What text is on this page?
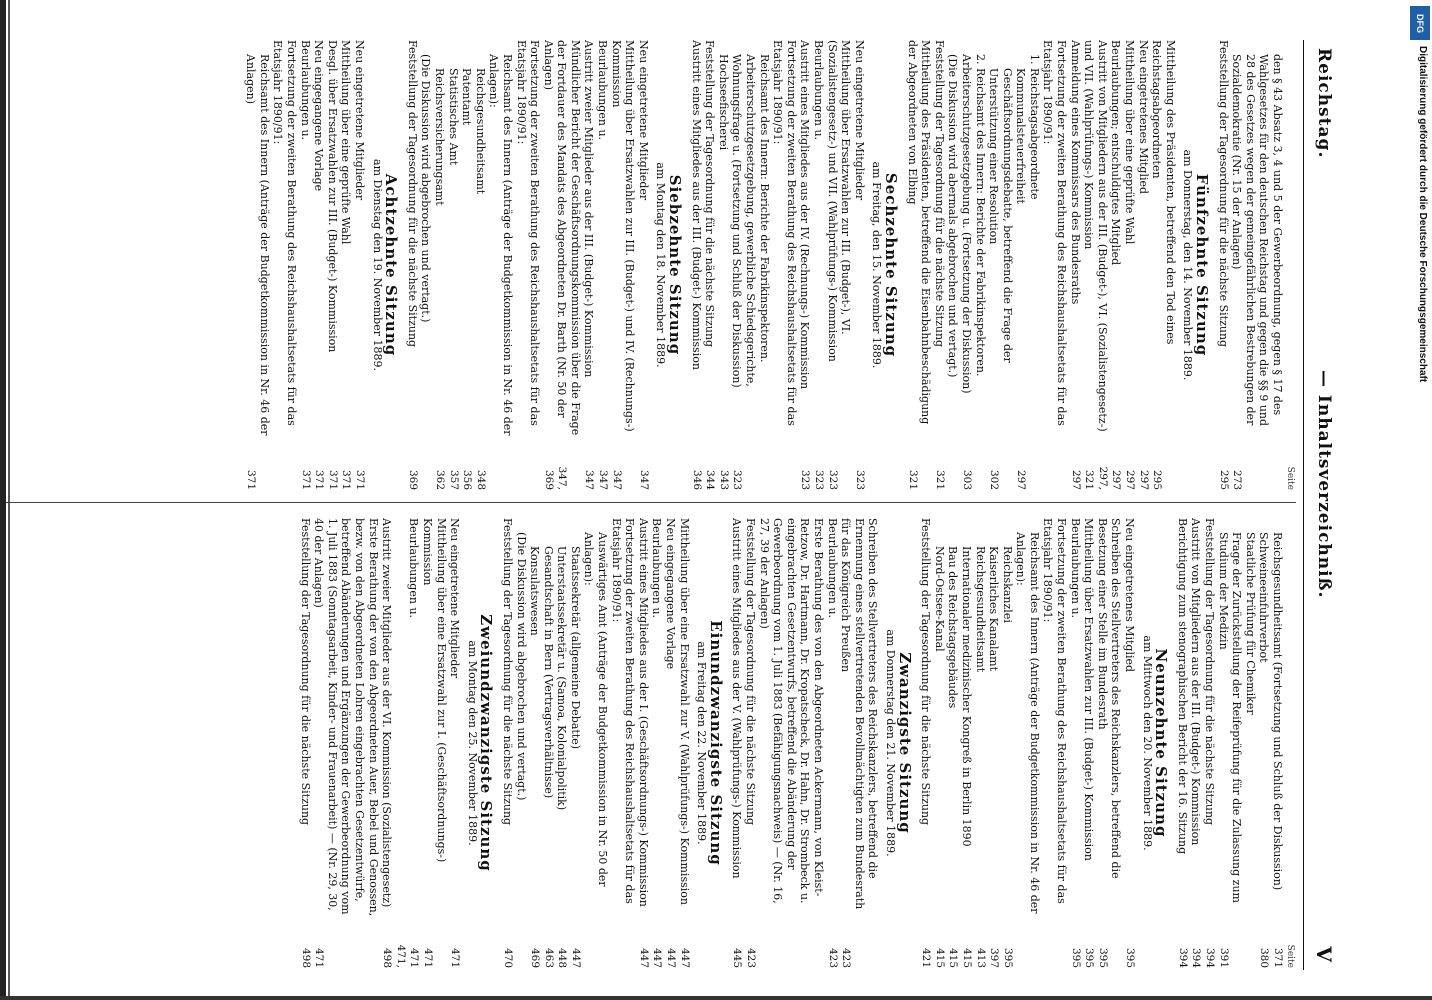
Reichstag.
— Inhaltsverzeichniß.
V
Seite
den § 43 Absatz 3, 4 und 5 der Gewerbeordnung, gegen § 17 des Wahlgesetzes für den deutschen Reichstag und gegen die §§ 9 und 28 des Gesetzes wegen der gemeingefährlichen Bestrebungen der Sozialdemokratie (Nr. 15 der Anlagen)
273
Feststellung der Tagesordnung für die nächste Sitzung
295
Fünfzehnte Sitzung
am Donnerstag, den 14. November 1889.
Mittheilung des Präsidenten, betreffend den Tod eines Reichstagsabgeordneten
295
Neu eingetretenes Mitglied
297
Mittheilung über eine geprüfte Wahl
297
Beurlaubungen; entschuldigtes Mitglied
297
Austritt von Mitgliedern aus der III. (Budget-), VI. (Sozialistengesetz-) und VII. (Wahlprüfungs-) Kommission
297, 321
Anmeldung eines Kommissars des Bundesraths
297
Fortsetzung der zweiten Berathung des Reichshaushaltsetats für das Etatsjahr 1890/91:
1. Reichstagsabgeordnete
Kommunalsteuerfreiheit
297
Geschäftsordnungsdebatte, betreffend die Frage der Unterstützung einer Resolution
302
2. Reichsamt des Innern: Berichte der Fabrikinspektoren. Arbeiterschutzgesetzgebung u. (Fortsetzung der Diskussion)
303
(Die Diskussion wird abermals abgebrochen und vertagt.)
Feststellung der Tagesordnung für die nächste Sitzung
321
Mittheilung des Präsidenten, betreffend die Eisenbahnbeschädigung der Abgeordneten von Elbing
321
Sechzehnte Sitzung
am Freitag, den 15. November 1889.
Neu eingetretene Mitglieder
323
Mittheilung über Ersatzwahlen zur III. (Budget-), VI. (Sozialistengesetz-) und VII. (Wahlprüfungs-) Kommission
323
Beurlaubungen u.
323
Austritt eines Mitgliedes aus der IV. (Rechnungs-) Kommission
323
Fortsetzung der zweiten Berathung des Reichshaushaltsetats für das Etatsjahr 1890/91:
Reichsamt des Innern: Berichte der Fabrikinspektoren. Arbeiterschutzgesetzgebung, gewerbliche Schiedsgerichte, Wohnungsfrage u. (Fortsetzung und Schluß der Diskussion)
323
Hochseefischerei
343
Feststellung der Tagesordnung für die nächste Sitzung
344
Austritt eines Mitgliedes aus der III. (Budget-) Kommission
346
Siebzehnte Sitzung
am Montag den 18. November 1889.
Neu eingetretene Mitglieder
347
Mittheilung über Ersatzwahlen zur III. (Budget-) und IV. (Rechnungs-) Kommission
347
Beurlaubungen u.
347
Austritt zweier Mitglieder aus der III. (Budget-) Kommission
347
Mündlicher Bericht der Geschäftsordnungskommission über die Frage der Fortdauer des Mandats des Abgeordneten Dr. Barth (Nr. 50 der Anlagen)
347, 369
Fortsetzung der zweiten Berathung des Reichshaushaltsetats für das Etatsjahr 1890/91:
Reichsamt des Innern (Anträge der Budgetkommission in Nr. 46 der Anlagen):
Reichsgesundheitsamt
348
Patentamt
356
Statistisches Amt
357
Reichsversicherungsamt
362
(Die Diskussion wird abgebrochen und vertagt.)
Feststellung der Tagesordnung für die nächste Sitzung
369
Achtzehnte Sitzung
am Dienstag den 19. November 1889.
Neu eingetretene Mitglieder
371
Mittheilung über eine geprüfte Wahl
371
Desgl. über Ersatzwahlen zur III. (Budget-) Kommission
371
Neu eingegangene Vorlage
371
Beurlaubungen u.
371
Fortsetzung der zweiten Berathung des Reichshaushaltsetats für das Etatsjahr 1890/91:
Reichsamt des Innern (Anträge der Budgetkommission in Nr. 46 der Anlagen)
371
Seite
Reichsgesundheitsamt (Fortsetzung und Schluß der Diskussion)
371
Schweineeinfuhrverbot
380
Staatliche Prüfung für Chemiker
Frage der Zurückstellung der Reifeprüfung für die Zulassung zum Studium der Medizin
391
Feststellung der Tagesordnung für die nächste Sitzung
394
Austritt von Mitgliedern aus der III. (Budget-) Kommission
394
Berichtigung zum stenographischen Bericht der 16. Sitzung
394
Neunzehnte Sitzung
am Mittwoch den 20. November 1889.
Neu eingetretenes Mitglied
395
Schreiben des Stellvertreters des Reichskanzlers, betreffend die Besetzung einer Stelle im Bundesrath
395
Mittheilung über Ersatzwahlen zur III. (Budget-) Kommission
395
Beurlaubungen u.
395
Fortsetzung der zweiten Berathung des Reichshaushaltsetats für das Etatsjahr 1890/91:
Reichsamt des Innern (Anträge der Budgetkommission in Nr. 46 der Anlagen):
Reichskanzlei
395
Kaiserliches Kanalamt
397
Reichsgesundheitsamt
413
Internationaler medizinischer Kongreß in Berlin 1890
415
Bau des Reichstagsgebäudes
415
Nord-Ostsee-Kanal
415
Feststellung der Tagesordnung für die nächste Sitzung
421
Zwanzigste Sitzung
am Donnerstag den 21. November 1889.
Schreiben des Stellvertreters des Reichskanzlers, betreffend die Ernennung eines stellvertretenden Bevollmächtigten zum Bundesrath für das Königreich Preußen
423
Beurlaubungen u.
423
Erste Berathung des von den Abgeordneten Ackermann, von Kleist-Retzow, Dr. Hartmann, Dr. Kropatscheck, Dr. Hahn, Dr. Strombeck u. eingebrachten Gesetzentwurfs, betreffend die Abänderung der Gewerbeordnung vom 1. Juli 1883 (Befähigungsnachweis) — (Nr. 16, 27, 39 der Anlagen)
Feststellung der Tagesordnung für die nächste Sitzung
423
Austritt eines Mitgliedes aus der V. (Wahlprüfungs-) Kommission
445
Einundzwanzigste Sitzung
am Freitag den 22. November 1889.
Mittheilung über eine Ersatzwahl zur V. (Wahlprüfungs-) Kommission
447
Neu eingegangene Vorlage
447
Beurlaubungen u.
447
Austritt eines Mitgliedes aus der I. (Geschäftsordnungs-) Kommission
447
Fortsetzung der zweiten Berathung des Reichshaushaltsetats für das Etatsjahr 1890/91:
Auswärtiges Amt (Anträge der Budgetkommission in Nr. 50 der Anlagen):
Staatssekretär (allgemeine Debatte)
447
Unterstaatssekretär u. (Samoa, Kolonialpolitik)
448
Gesandtschaft in Bern (Vertragsverhältnisse)
463
Konsulatswesen
469
(Die Diskussion wird abgebrochen und vertagt.)
Feststellung der Tagesordnung für die nächste Sitzung
470
Zweiundzwanzigste Sitzung
am Montag den 25. November 1889.
Neu eingetretene Mitglieder
471
Mittheilung über eine Ersatzwahl zur I. (Geschäftsordnungs-) Kommission
471
Beurlaubungen u.
471
Austritt zweier Mitglieder aus der VI. Kommission (Sozialistengesetz)
471, 498
Erste Berathung der von den Abgeordneten Auer, Bebel und Genossen, bezw. von den Abgeordneten Lohren eingebrachten Gesetzentwürfe, betreffend Abänderungen und Ergänzungen der Gewerbeordnung vom 1. Juli 1883 (Sonntagsarbeit, Kinder- und Frauenarbeit) — (Nr. 29, 30, 40 der Anlagen)
471
Feststellung der Tagesordnung für die nächste Sitzung
498
DFG
Digitalisierung gefördert durch die Deutsche Forschungsgemeinschaft
